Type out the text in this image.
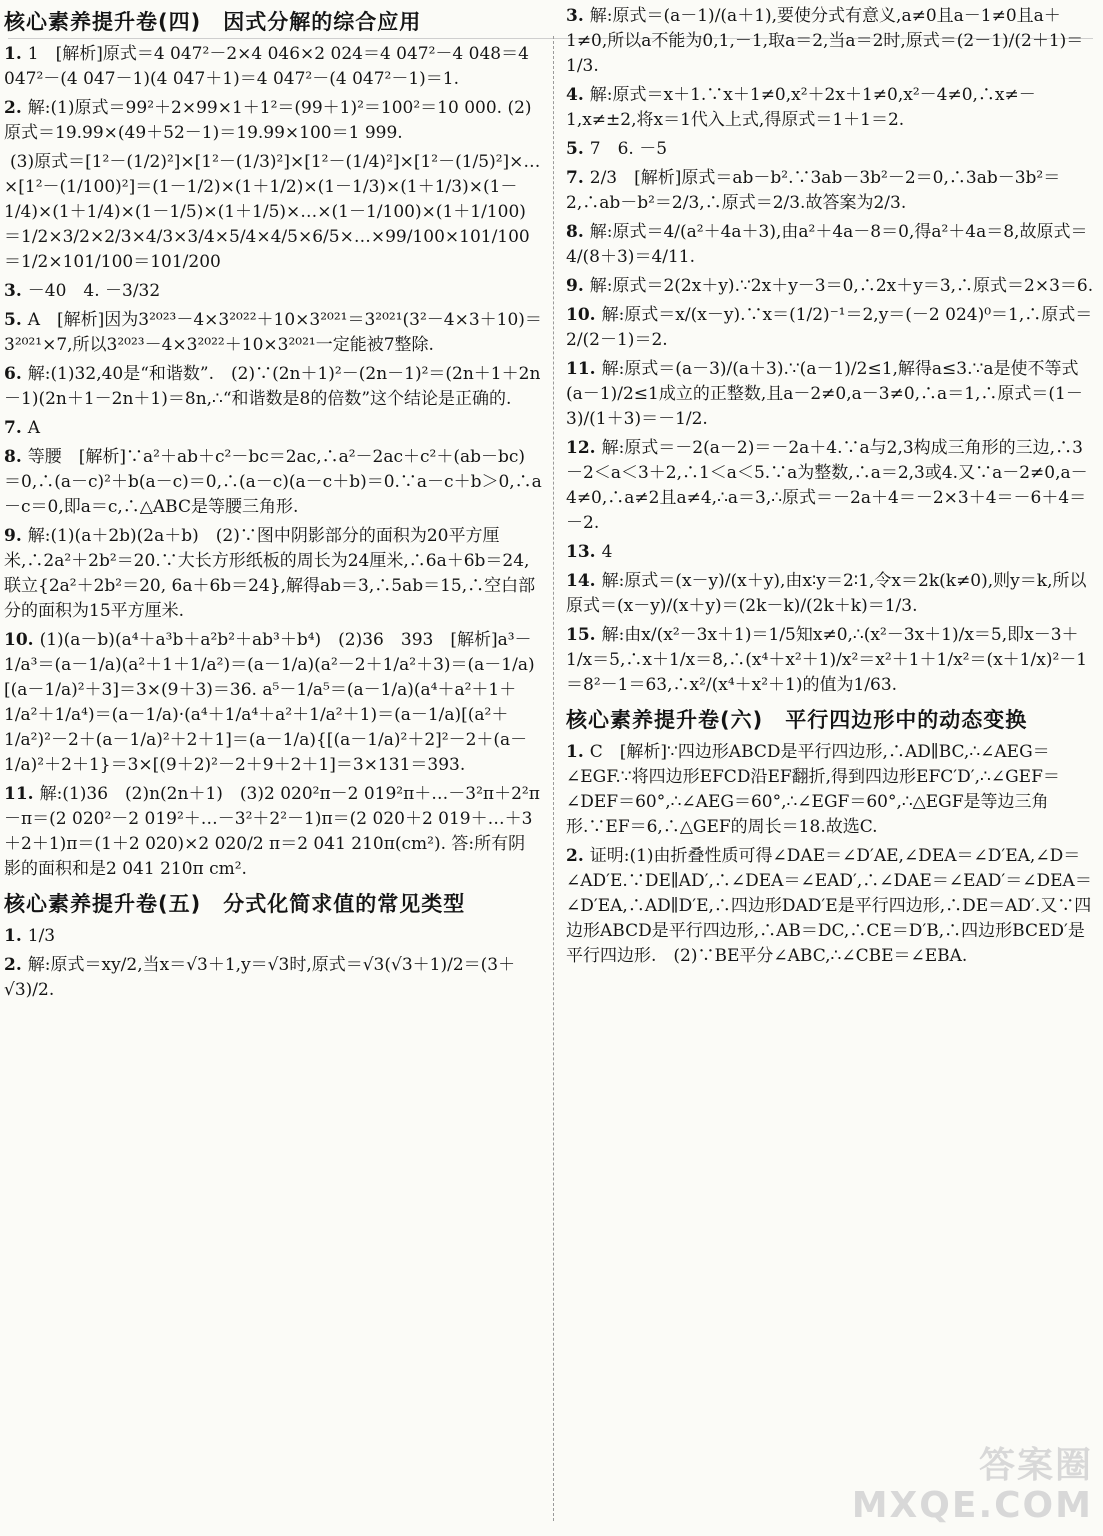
核心素养提升卷(四)　因式分解的综合应用
1. 1　[解析]原式＝4 047²－2×4 046×2 024＝4 047²－4 048＝4 047²－(4 047－1)(4 047＋1)＝4 047²－(4 047²－1)＝1.
2. 解:(1)原式＝99²＋2×99×1＋1²＝(99＋1)²＝100²＝10 000. (2)原式＝19.99×(49＋52－1)＝19.99×100＝1 999.
(3)原式＝[1²－(1/2)²]×[1²－(1/3)²]×[1²－(1/4)²]×[1²－(1/5)²]×…×[1²－(1/100)²]＝(1－1/2)×(1＋1/2)×(1－1/3)×(1＋1/3)×(1－1/4)×(1＋1/4)×(1－1/5)×(1＋1/5)×…×(1－1/100)×(1＋1/100)＝1/2×3/2×2/3×4/3×3/4×5/4×4/5×6/5×…×99/100×101/100＝1/2×101/100＝101/200
3. －40　4. －3/32
5. A　[解析]因为3²⁰²³－4×3²⁰²²＋10×3²⁰²¹＝3²⁰²¹(3²－4×3＋10)＝3²⁰²¹×7,所以3²⁰²³－4×3²⁰²²＋10×3²⁰²¹一定能被7整除.
6. 解:(1)32,40是“和谐数”.　(2)∵(2n＋1)²－(2n－1)²＝(2n＋1＋2n－1)(2n＋1－2n＋1)＝8n,∴“和谐数是8的倍数”这个结论是正确的.
7. A
8. 等腰　[解析]∵a²＋ab＋c²－bc＝2ac,∴a²－2ac＋c²＋(ab－bc)＝0,∴(a－c)²＋b(a－c)＝0,∴(a－c)(a－c＋b)＝0.∵a－c＋b＞0,∴a－c＝0,即a＝c,∴△ABC是等腰三角形.
9. 解:(1)(a＋2b)(2a＋b)　(2)∵图中阴影部分的面积为20平方厘米,∴2a²＋2b²＝20.∵大长方形纸板的周长为24厘米,∴6a＋6b＝24,联立{2a²＋2b²＝20, 6a＋6b＝24},解得ab＝3,∴5ab＝15,∴空白部分的面积为15平方厘米.
10. (1)(a－b)(a⁴＋a³b＋a²b²＋ab³＋b⁴)　(2)36　393　[解析]a³－1/a³＝(a－1/a)(a²＋1＋1/a²)＝(a－1/a)(a²－2＋1/a²＋3)＝(a－1/a)[(a－1/a)²＋3]＝3×(9＋3)＝36. a⁵－1/a⁵＝(a－1/a)(a⁴＋a²＋1＋1/a²＋1/a⁴)＝(a－1/a)·(a⁴＋1/a⁴＋a²＋1/a²＋1)＝(a－1/a)[(a²＋1/a²)²－2＋(a－1/a)²＋2＋1]＝(a－1/a){[(a－1/a)²＋2]²－2＋(a－1/a)²＋2＋1}＝3×[(9＋2)²－2＋9＋2＋1]＝3×131＝393.
11. 解:(1)36　(2)n(2n＋1)　(3)2 020²π－2 019²π＋…－3²π＋2²π－π＝(2 020²－2 019²＋…－3²＋2²－1)π＝(2 020＋2 019＋…＋3＋2＋1)π＝(1＋2 020)×2 020/2 π＝2 041 210π(cm²). 答:所有阴影的面积和是2 041 210π cm².
核心素养提升卷(五)　分式化简求值的常见类型
1. 1/3
2. 解:原式＝xy/2,当x＝√3＋1,y＝√3时,原式＝√3(√3＋1)/2＝(3＋√3)/2.
3. 解:原式＝(a－1)/(a＋1),要使分式有意义,a≠0且a－1≠0且a＋1≠0,所以a不能为0,1,－1,取a＝2,当a＝2时,原式＝(2－1)/(2＋1)＝1/3.
4. 解:原式＝x＋1.∵x＋1≠0,x²＋2x＋1≠0,x²－4≠0,∴x≠－1,x≠±2,将x＝1代入上式,得原式＝1＋1＝2.
5. 7　6. －5
7. 2/3　[解析]原式＝ab－b².∵3ab－3b²－2＝0,∴3ab－3b²＝2,∴ab－b²＝2/3,∴原式＝2/3.故答案为2/3.
8. 解:原式＝4/(a²＋4a＋3),由a²＋4a－8＝0,得a²＋4a＝8,故原式＝4/(8＋3)＝4/11.
9. 解:原式＝2(2x＋y).∵2x＋y－3＝0,∴2x＋y＝3,∴原式＝2×3＝6.
10. 解:原式＝x/(x－y).∵x＝(1/2)⁻¹＝2,y＝(－2 024)⁰＝1,∴原式＝2/(2－1)＝2.
11. 解:原式＝(a－3)/(a＋3).∵(a－1)/2≤1,解得a≤3.∵a是使不等式(a－1)/2≤1成立的正整数,且a－2≠0,a－3≠0,∴a＝1,∴原式＝(1－3)/(1＋3)＝－1/2.
12. 解:原式＝－2(a－2)＝－2a＋4.∵a与2,3构成三角形的三边,∴3－2＜a＜3＋2,∴1＜a＜5.∵a为整数,∴a＝2,3或4.又∵a－2≠0,a－4≠0,∴a≠2且a≠4,∴a＝3,∴原式＝－2a＋4＝－2×3＋4＝－6＋4＝－2.
13. 4
14. 解:原式＝(x－y)/(x＋y),由x∶y＝2∶1,令x＝2k(k≠0),则y＝k,所以原式＝(x－y)/(x＋y)＝(2k－k)/(2k＋k)＝1/3.
15. 解:由x/(x²－3x＋1)＝1/5知x≠0,∴(x²－3x＋1)/x＝5,即x－3＋1/x＝5,∴x＋1/x＝8,∴(x⁴＋x²＋1)/x²＝x²＋1＋1/x²＝(x＋1/x)²－1＝8²－1＝63,∴x²/(x⁴＋x²＋1)的值为1/63.
核心素养提升卷(六)　平行四边形中的动态变换
1. C　[解析]∵四边形ABCD是平行四边形,∴AD∥BC,∴∠AEG＝∠EGF.∵将四边形EFCD沿EF翻折,得到四边形EFC′D′,∴∠GEF＝∠DEF＝60°,∴∠AEG＝60°,∴∠EGF＝60°,∴△EGF是等边三角形.∵EF＝6,∴△GEF的周长＝18.故选C.
2. 证明:(1)由折叠性质可得∠DAE＝∠D′AE,∠DEA＝∠D′EA,∠D＝∠AD′E.∵DE∥AD′,∴∠DEA＝∠EAD′,∴∠DAE＝∠EAD′＝∠DEA＝∠D′EA,∴AD∥D′E,∴四边形DAD′E是平行四边形,∴DE＝AD′.又∵四边形ABCD是平行四边形,∴AB＝DC,∴CE＝D′B,∴四边形BCED′是平行四边形.　(2)∵BE平分∠ABC,∴∠CBE＝∠EBA.
答案圈
MXQE.COM
